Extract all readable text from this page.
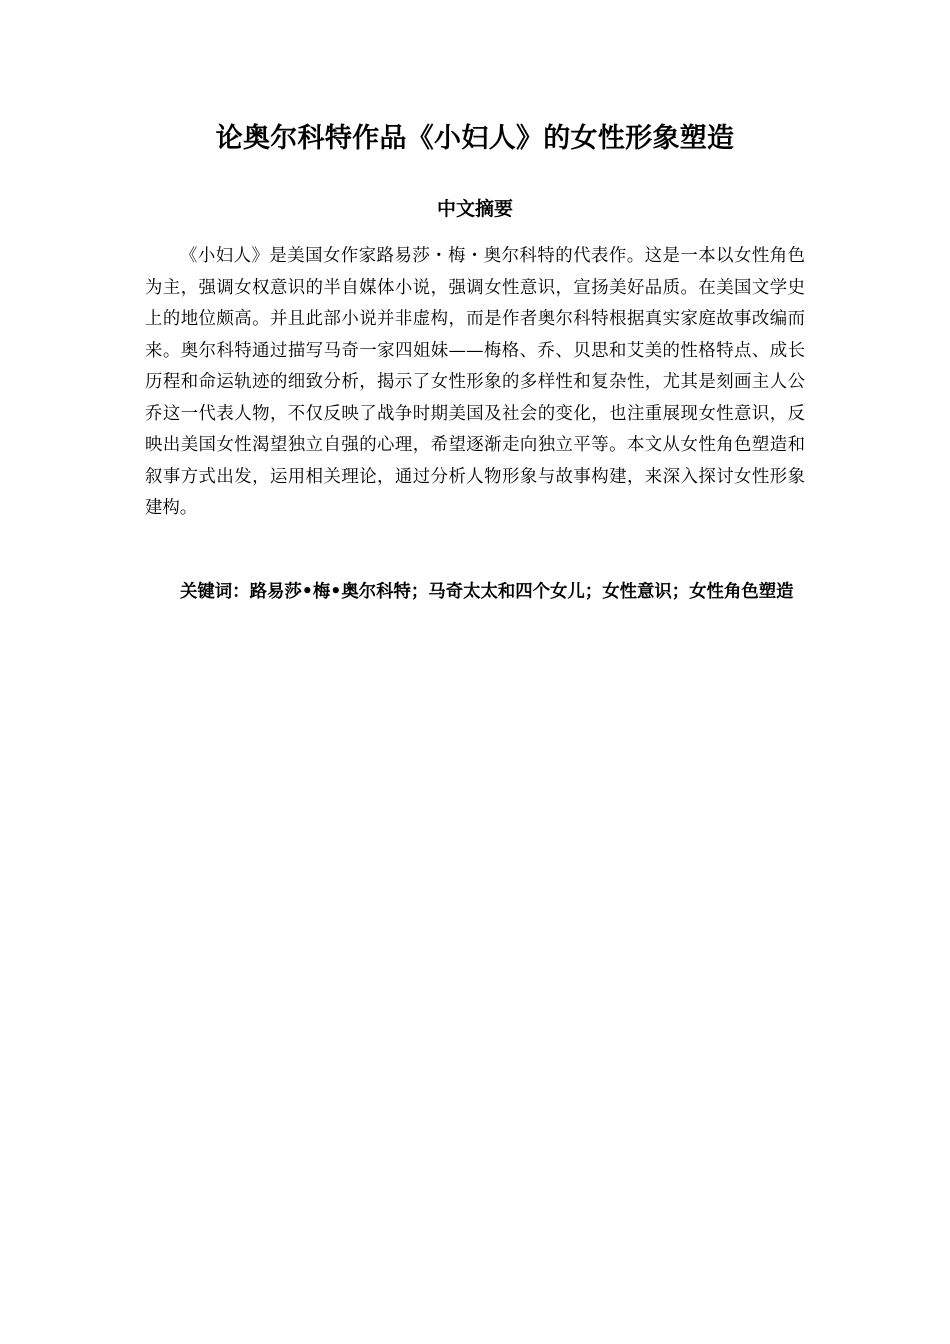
论奥尔科特作品《小妇人》的女性形象塑造
中文摘要

《小妇人》是美国女作家路易莎・梅・奥尔科特的代表作。这是一本以女性角色为主，强调女权意识的半自媒体小说，强调女性意识，宣扬美好品质。在美国文学史上的地位颇高。并且此部小说并非虚构，而是作者奥尔科特根据真实家庭故事改编而来。奥尔科特通过描写马奇一家四姐妹——梅格、乔、贝思和艾美的性格特点、成长历程和命运轨迹的细致分析，揭示了女性形象的多样性和复杂性，尤其是刻画主人公乔这一代表人物，不仅反映了战争时期美国及社会的变化，也注重展现女性意识，反映出美国女性渴望独立自强的心理，希望逐渐走向独立平等。本文从女性角色塑造和叙事方式出发，运用相关理论，通过分析人物形象与故事构建，来深入探讨女性形象建构。

关键词：路易莎•梅•奥尔科特；马奇太太和四个女儿；女性意识；女性角色塑造
